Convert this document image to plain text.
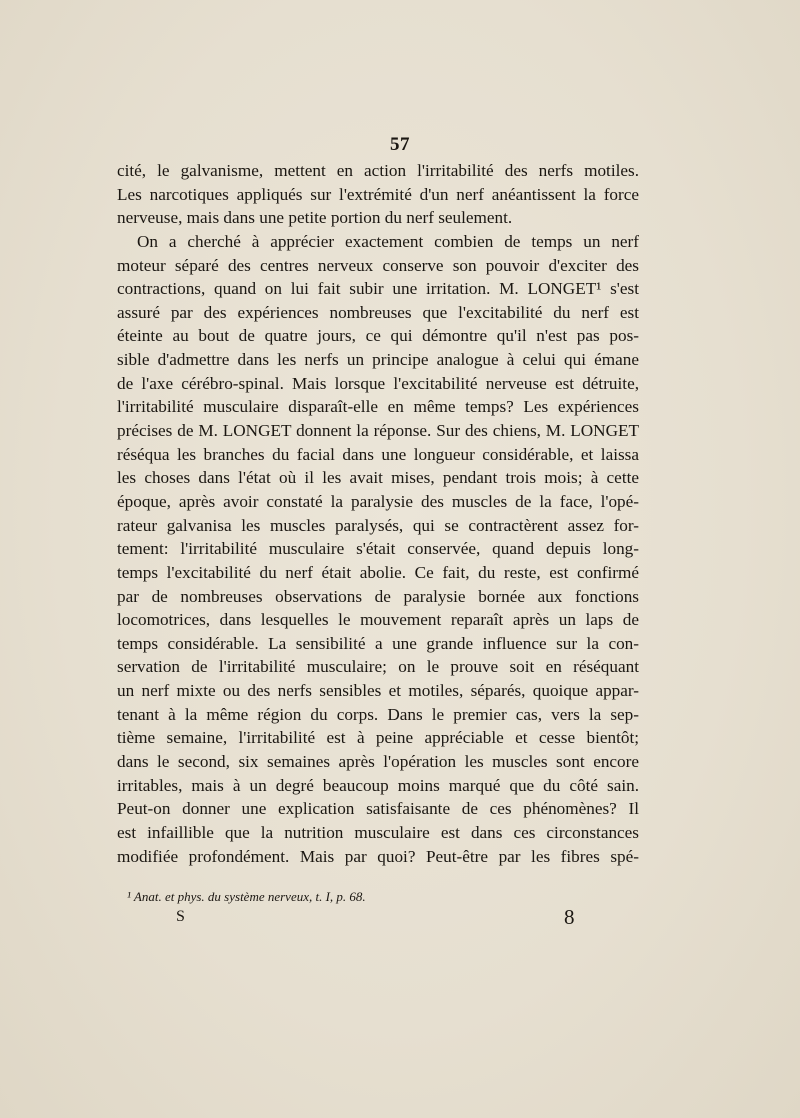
57
cité, le galvanisme, mettent en action l'irritabilité des nerfs motiles.
Les narcotiques appliqués sur l'extrémité d'un nerf anéantissent la force
nerveuse, mais dans une petite portion du nerf seulement.
On a cherché à apprécier exactement combien de temps un nerf
moteur séparé des centres nerveux conserve son pouvoir d'exciter des
contractions, quand on lui fait subir une irritation. M. LONGET¹ s'est
assuré par des expériences nombreuses que l'excitabilité du nerf est
éteinte au bout de quatre jours, ce qui démontre qu'il n'est pas pos-
sible d'admettre dans les nerfs un principe analogue à celui qui émane
de l'axe cérébro-spinal. Mais lorsque l'excitabilité nerveuse est détruite,
l'irritabilité musculaire disparaît-elle en même temps? Les expériences
précises de M. LONGET donnent la réponse. Sur des chiens, M. LONGET
réséqua les branches du facial dans une longueur considérable, et laissa
les choses dans l'état où il les avait mises, pendant trois mois; à cette
époque, après avoir constaté la paralysie des muscles de la face, l'opé-
rateur galvanisa les muscles paralysés, qui se contractèrent assez for-
tement: l'irritabilité musculaire s'était conservée, quand depuis long-
temps l'excitabilité du nerf était abolie. Ce fait, du reste, est confirmé
par de nombreuses observations de paralysie bornée aux fonctions
locomotrices, dans lesquelles le mouvement reparaît après un laps de
temps considérable. La sensibilité a une grande influence sur la con-
servation de l'irritabilité musculaire; on le prouve soit en réséquant
un nerf mixte ou des nerfs sensibles et motiles, séparés, quoique appar-
tenant à la même région du corps. Dans le premier cas, vers la sep-
tième semaine, l'irritabilité est à peine appréciable et cesse bientôt;
dans le second, six semaines après l'opération les muscles sont encore
irritables, mais à un degré beaucoup moins marqué que du côté sain.
Peut-on donner une explication satisfaisante de ces phénomènes? Il
est infaillible que la nutrition musculaire est dans ces circonstances
modifiée profondément. Mais par quoi? Peut-être par les fibres spé-
¹ Anat. et phys. du système nerveux, t. I, p. 68.
S	8
